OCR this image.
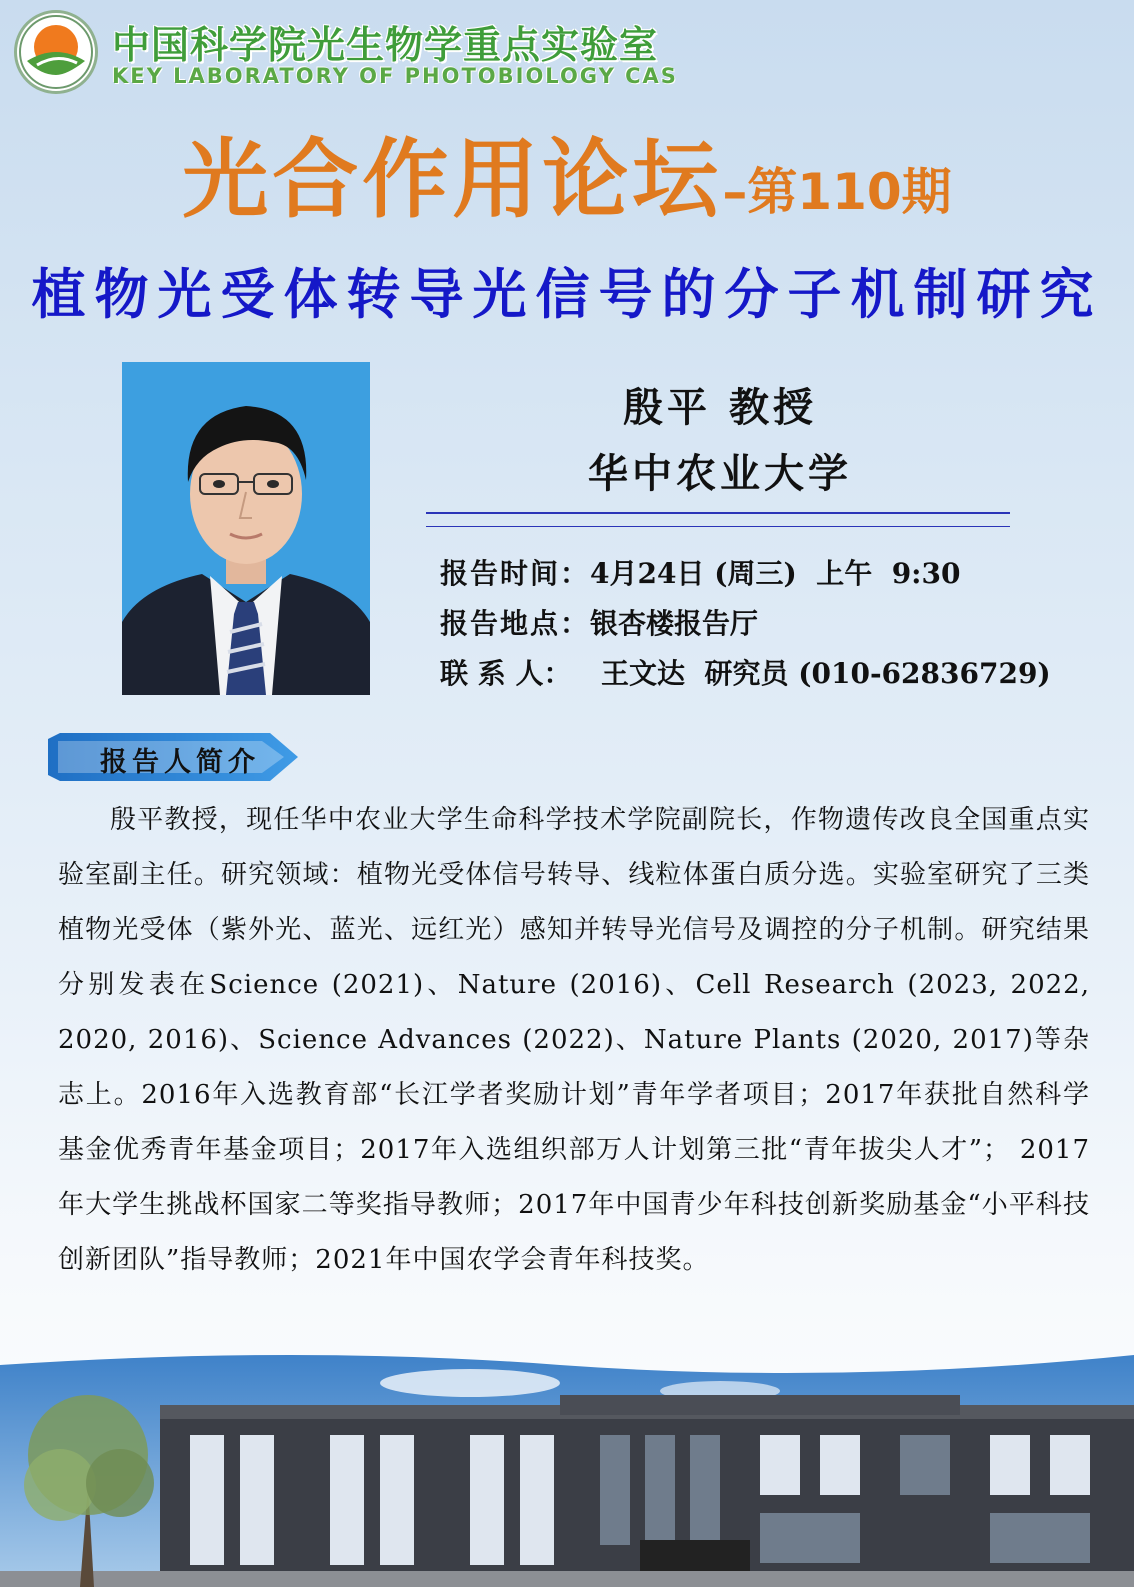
中国科学院光生物学重点实验室
KEY LABORATORY OF PHOTOBIOLOGY CAS
光合作用论坛–第110期
植物光受体转导光信号的分子机制研究
殷平 教授
华中农业大学
报告时间：4月24日 (周三)  上午  9:30
报告地点：银杏楼报告厅
联 系 人： 王文达  研究员 (010-62836729)
报告人简介
殷平教授，现任华中农业大学生命科学技术学院副院长，作物遗传改良全国重点实验室副主任。研究领域：植物光受体信号转导、线粒体蛋白质分选。实验室研究了三类植物光受体（紫外光、蓝光、远红光）感知并转导光信号及调控的分子机制。研究结果分别发表在Science (2021)、Nature (2016)、Cell Research (2023, 2022, 2020, 2016)、Science Advances (2022)、Nature Plants (2020, 2017)等杂志上。2016年入选教育部“长江学者奖励计划”青年学者项目；2017年获批自然科学基金优秀青年基金项目；2017年入选组织部万人计划第三批“青年拔尖人才”； 2017年大学生挑战杯国家二等奖指导教师；2017年中国青少年科技创新奖励基金“小平科技创新团队”指导教师；2021年中国农学会青年科技奖。
